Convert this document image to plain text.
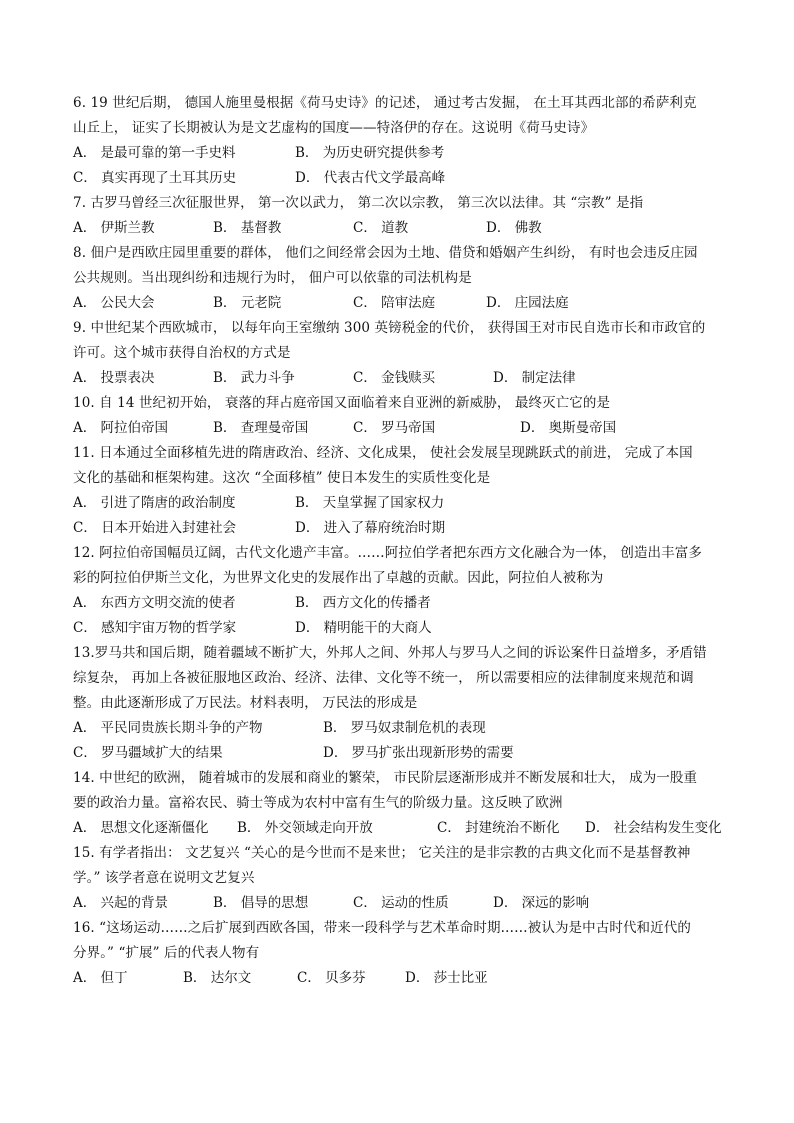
6. 19 世纪后期， 德国人施里曼根据《荷马史诗》的记述， 通过考古发掘， 在土耳其西北部的希萨利克
山丘上， 证实了长期被认为是文艺虚构的国度——特洛伊的存在。这说明《荷马史诗》
A． 是最可靠的第一手史料	B． 为历史研究提供参考
C． 真实再现了土耳其历史	D． 代表古代文学最高峰
7. 古罗马曾经三次征服世界， 第一次以武力， 第二次以宗教， 第三次以法律。其 “宗教” 是指
A． 伊斯兰教	B． 基督教	C． 道教	D． 佛教
8. 佃户是西欧庄园里重要的群体， 他们之间经常会因为土地、借贷和婚姻产生纠纷， 有时也会违反庄园
公共规则。当出现纠纷和违规行为时， 佃户可以依靠的司法机构是
A． 公民大会	B． 元老院	C． 陪审法庭	D． 庄园法庭
9. 中世纪某个西欧城市， 以每年向王室缴纳 300 英镑税金的代价， 获得国王对市民自选市长和市政官的
许可。这个城市获得自治权的方式是
A． 投票表决	B． 武力斗争	C． 金钱赎买	D． 制定法律
10. 自 14 世纪初开始， 衰落的拜占庭帝国又面临着来自亚洲的新威胁， 最终灭亡它的是
A． 阿拉伯帝国	B． 查理曼帝国	C． 罗马帝国	D． 奥斯曼帝国
11. 日本通过全面移植先进的隋唐政治、经济、文化成果， 使社会发展呈现跳跃式的前进， 完成了本国
文化的基础和框架构建。这次 “全面移植” 使日本发生的实质性变化是
A． 引进了隋唐的政治制度	B． 天皇掌握了国家权力
C． 日本开始进入封建社会	D． 进入了幕府统治时期
12. 阿拉伯帝国幅员辽阔，古代文化遗产丰富。……阿拉伯学者把东西方文化融合为一体， 创造出丰富多
彩的阿拉伯伊斯兰文化，为世界文化史的发展作出了卓越的贡献。因此，阿拉伯人被称为
A． 东西方文明交流的使者	B． 西方文化的传播者
C． 感知宇宙万物的哲学家	D． 精明能干的大商人
13.罗马共和国后期，随着疆域不断扩大，外邦人之间、外邦人与罗马人之间的诉讼案件日益增多，矛盾错
综复杂， 再加上各被征服地区政治、经济、法律、文化等不统一， 所以需要相应的法律制度来规范和调
整。由此逐渐形成了万民法。材料表明， 万民法的形成是
A． 平民同贵族长期斗争的产物	B． 罗马奴隶制危机的表现
C． 罗马疆域扩大的结果	D． 罗马扩张出现新形势的需要
14. 中世纪的欧洲， 随着城市的发展和商业的繁荣， 市民阶层逐渐形成并不断发展和壮大， 成为一股重
要的政治力量。富裕农民、骑士等成为农村中富有生气的阶级力量。这反映了欧洲
A． 思想文化逐渐僵化 B． 外交领域走向开放	C． 封建统治不断化 D． 社会结构发生变化
15. 有学者指出： 文艺复兴 “关心的是今世而不是来世； 它关注的是非宗教的古典文化而不是基督教神
学。” 该学者意在说明文艺复兴
A． 兴起的背景	B． 倡导的思想	C． 运动的性质	D． 深远的影响
16. “这场运动……之后扩展到西欧各国，带来一段科学与艺术革命时期……被认为是中古时代和近代的
分界。” “扩展” 后的代表人物有
A． 但丁	B． 达尔文	C． 贝多芬	D． 莎士比亚
